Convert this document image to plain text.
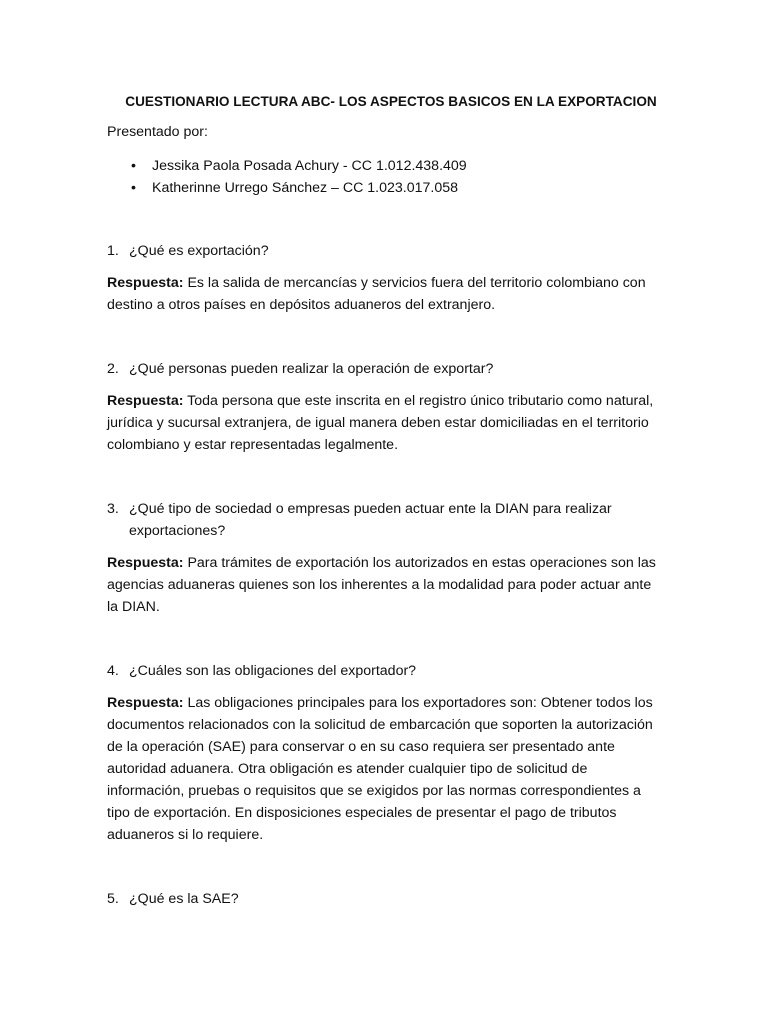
CUESTIONARIO LECTURA ABC- LOS ASPECTOS BASICOS EN LA EXPORTACION
Presentado por:
• Jessika Paola Posada Achury - CC 1.012.438.409
• Katherinne Urrego Sánchez – CC 1.023.017.058
1. ¿Qué es exportación?

Respuesta: Es la salida de mercancías y servicios fuera del territorio colombiano con destino a otros países en depósitos aduaneros del extranjero.

2. ¿Qué personas pueden realizar la operación de exportar?

Respuesta: Toda persona que este inscrita en el registro único tributario como natural, jurídica y sucursal extranjera, de igual manera deben estar domiciliadas en el territorio colombiano y estar representadas legalmente.

3. ¿Qué tipo de sociedad o empresas pueden actuar ente la DIAN para realizar exportaciones?

Respuesta: Para trámites de exportación los autorizados en estas operaciones son las agencias aduaneras quienes son los inherentes a la modalidad para poder actuar ante la DIAN.

4. ¿Cuáles son las obligaciones del exportador?

Respuesta: Las obligaciones principales para los exportadores son: Obtener todos los documentos relacionados con la solicitud de embarcación que soporten la autorización de la operación (SAE) para conservar o en su caso requiera ser presentado ante autoridad aduanera. Otra obligación es atender cualquier tipo de solicitud de información, pruebas o requisitos que se exigidos por las normas correspondientes a tipo de exportación. En disposiciones especiales de presentar el pago de tributos aduaneros si lo requiere.

5. ¿Qué es la SAE?
